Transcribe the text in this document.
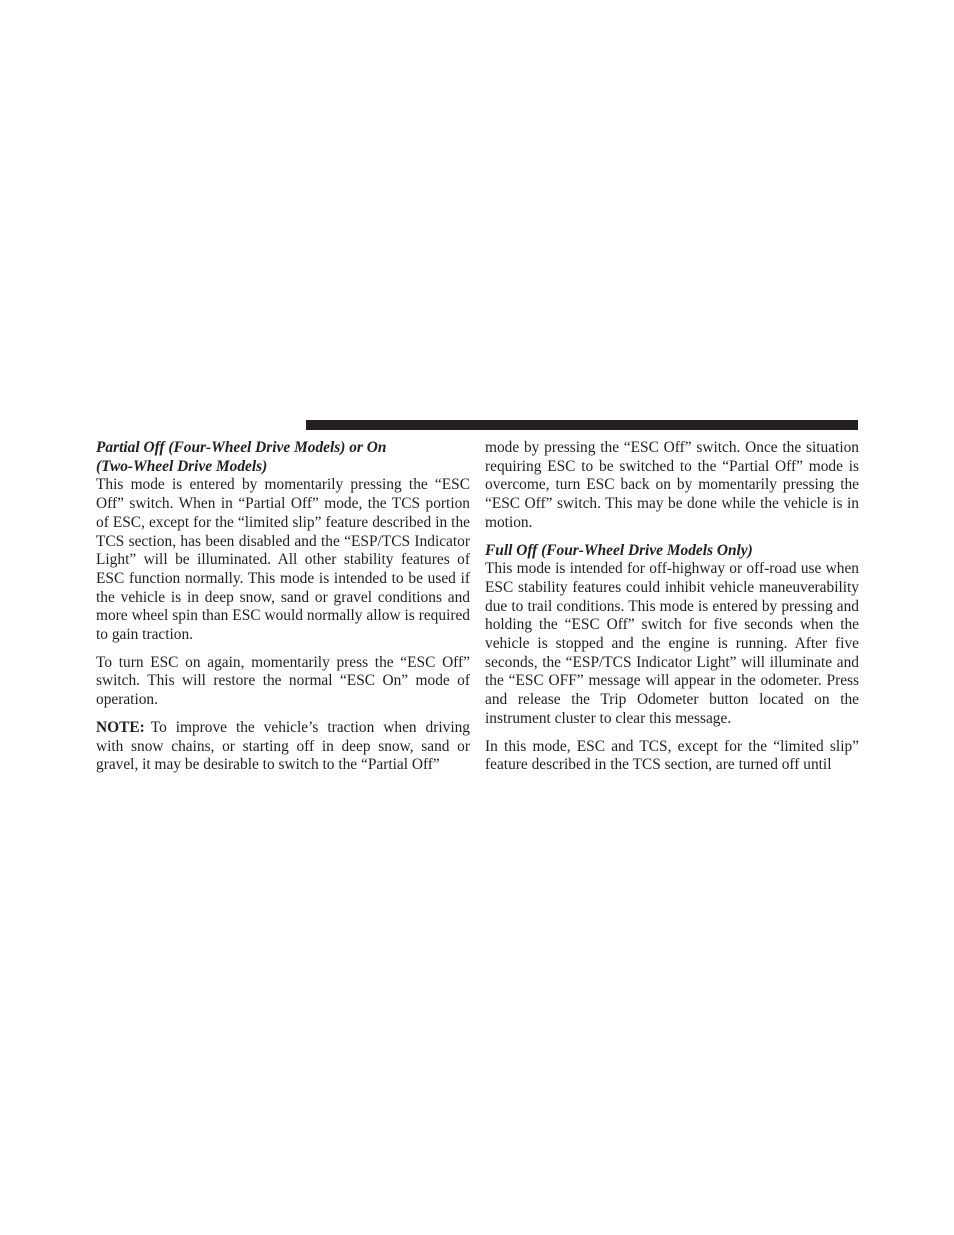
Partial Off (Four-Wheel Drive Models) or On
(Two-Wheel Drive Models)

This mode is entered by momentarily pressing the “ESC Off” switch. When in “Partial Off” mode, the TCS portion of ESC, except for the “limited slip” feature described in the TCS section, has been disabled and the “ESP/TCS Indicator Light” will be illuminated. All other stability features of ESC function normally. This mode is intended to be used if the vehicle is in deep snow, sand or gravel conditions and more wheel spin than ESC would normally allow is required to gain traction.

To turn ESC on again, momentarily press the “ESC Off” switch. This will restore the normal “ESC On” mode of operation.

NOTE: To improve the vehicle’s traction when driving with snow chains, or starting off in deep snow, sand or gravel, it may be desirable to switch to the “Partial Off”

mode by pressing the “ESC Off” switch. Once the situation requiring ESC to be switched to the “Partial Off” mode is overcome, turn ESC back on by momentarily pressing the “ESC Off” switch. This may be done while the vehicle is in motion.

Full Off (Four-Wheel Drive Models Only)

This mode is intended for off-highway or off-road use when ESC stability features could inhibit vehicle maneuverability due to trail conditions. This mode is entered by pressing and holding the “ESC Off” switch for five seconds when the vehicle is stopped and the engine is running. After five seconds, the “ESP/TCS Indicator Light” will illuminate and the “ESC OFF” message will appear in the odometer. Press and release the Trip Odometer button located on the instrument cluster to clear this message.

In this mode, ESC and TCS, except for the “limited slip” feature described in the TCS section, are turned off until
